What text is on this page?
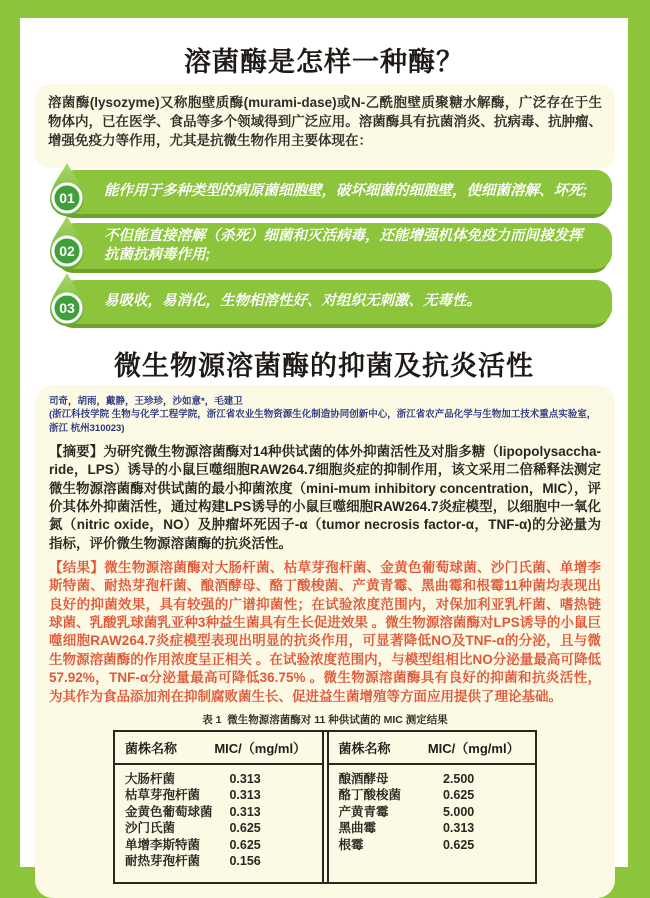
溶菌酶是怎样一种酶？
溶菌酶(lysozyme)又称胞壁质酶(murami-dase)或N-乙酰胞壁质聚糖水解酶，广泛存在于生物体内，已在医学、食品等多个领域得到广泛应用。溶菌酶具有抗菌消炎、抗病毒、抗肿瘤、增强免疫力等作用，尤其是抗微生物作用主要体现在：
01 能作用于多种类型的病原菌细胞壁，破坏细菌的细胞壁，使细菌溶解、坏死;
02
不但能直接溶解（杀死）细菌和灭活病毒，还能增强机体免疫力而间接发挥抗菌抗病毒作用;
03 易吸收，易消化，生物相溶性好、对组织无刺激、无毒性。
微生物源溶菌酶的抑菌及抗炎活性

司奇，胡雨，戴静，王珍珍，沙如意*，毛建卫

(浙江科技学院 生物与化学工程学院，浙江省农业生物资源生化制造协同创新中心，浙江省农产品化学与生物加工技术重点实验室，浙江 杭州310023)

【摘要】为研究微生物源溶菌酶对14种供试菌的体外抑菌活性及对脂多糖（lipopolysaccha-ride，LPS）诱导的小鼠巨噬细胞RAW264.7细胞炎症的抑制作用，该文采用二倍稀释法测定微生物源溶菌酶对供试菌的最小抑菌浓度（mini-mum inhibitory concentration，MIC），评价其体外抑菌活性，通过构建LPS诱导的小鼠巨噬细胞RAW264.7炎症模型，以细胞中一氧化氮（nitric oxide，NO）及肿瘤坏死因子-α（tumor necrosis factor-α，TNF-α)的分泌量为指标，评价微生物源溶菌酶的抗炎活性。

【结果】微生物源溶菌酶对大肠杆菌、枯草芽孢杆菌、金黄色葡萄球菌、沙门氏菌、单增李斯特菌、耐热芽孢杆菌、酿酒酵母、酪丁酸梭菌、产黄青霉、黑曲霉和根霉11种菌均表现出良好的抑菌效果，具有较强的广谱抑菌性；在试验浓度范围内，对保加利亚乳杆菌、嗜热链球菌、乳酸乳球菌乳亚种3种益生菌具有生长促进效果 。微生物源溶菌酶对LPS诱导的小鼠巨噬细胞RAW264.7炎症模型表现出明显的抗炎作用，可显著降低NO及TNF-α的分泌，且与微生物源溶菌酶的作用浓度呈正相关 。在试验浓度范围内，与模型组相比NO分泌量最高可降低57.92%，TNF-α分泌量最高可降低36.75% 。微生物源溶菌酶具有良好的抑菌和抗炎活性，为其作为食品添加剂在抑制腐败菌生长、促进益生菌增殖等方面应用提供了理论基础。

表 1  微生物源溶菌酶对 11 种供试菌的 MIC 测定结果
菌株名称	MIC/（mg/ml）
大肠杆菌	0.313
枯草芽孢杆菌	0.313
金黄色葡萄球菌	0.313
沙门氏菌	0.625
单增李斯特菌	0.625
耐热芽孢杆菌	0.156
菌株名称	MIC/（mg/ml）
酿酒酵母	2.500
酪丁酸梭菌	0.625
产黄青霉	5.000
黑曲霉	0.313
根霉	0.625
